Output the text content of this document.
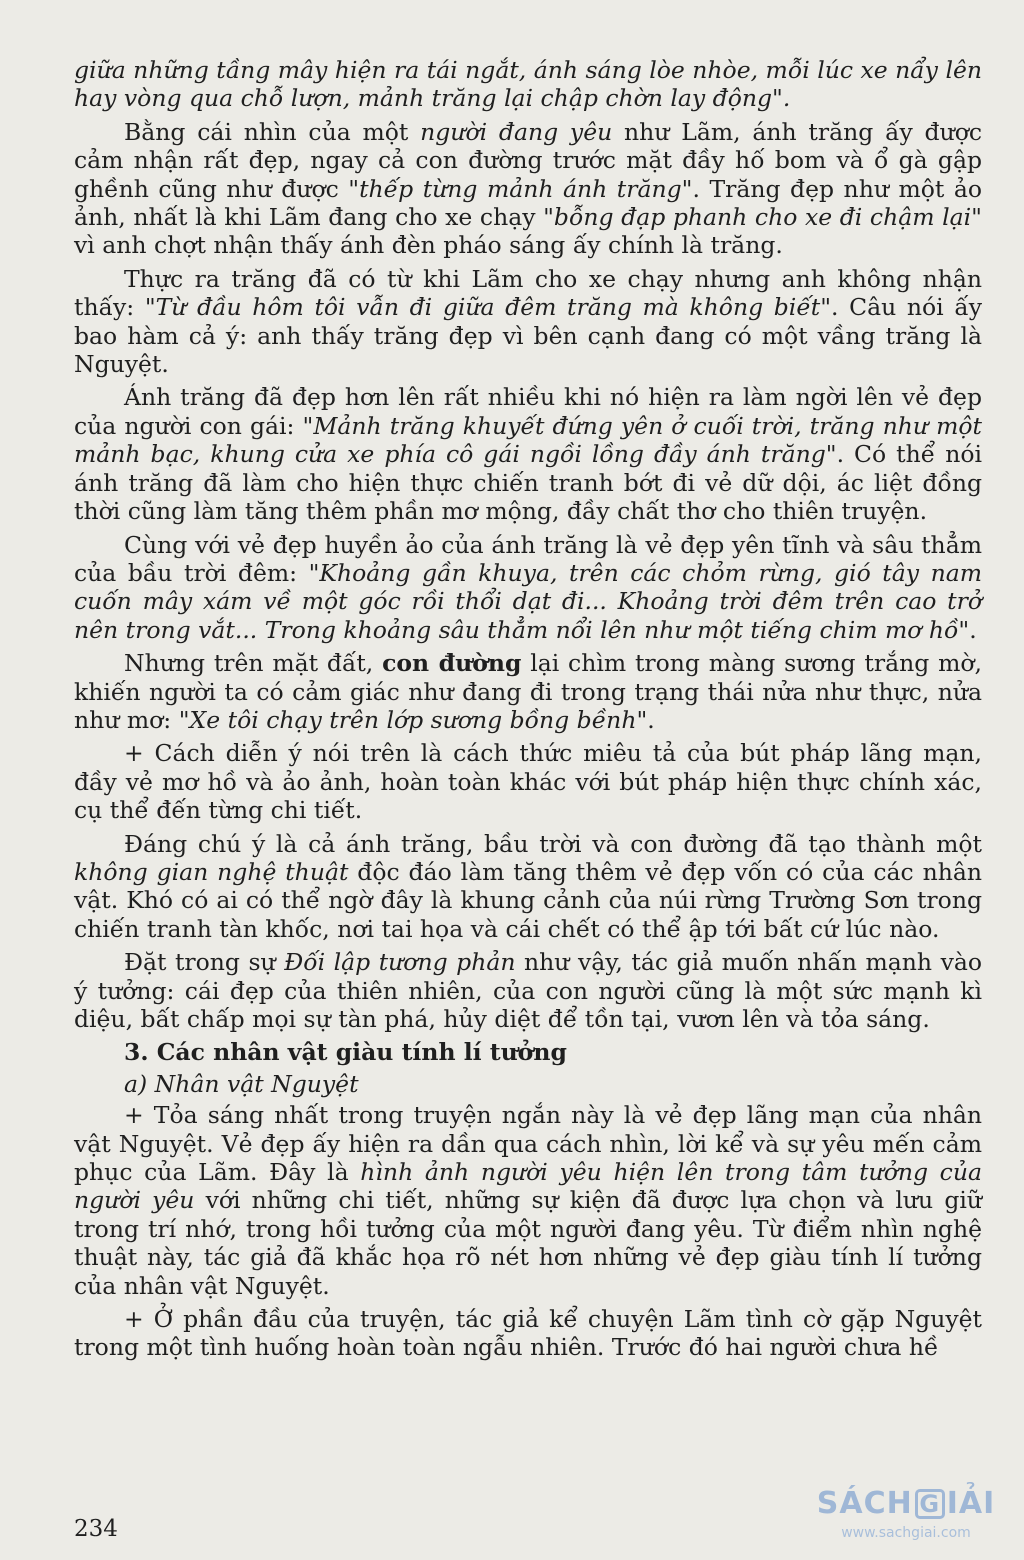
giữa những tầng mây hiện ra tái ngắt, ánh sáng lòe nhòe, mỗi lúc xe nẩy lên hay vòng qua chỗ lượn, mảnh trăng lại chập chờn lay động".

Bằng cái nhìn của một người đang yêu như Lãm, ánh trăng ấy được cảm nhận rất đẹp, ngay cả con đường trước mặt đầy hố bom và ổ gà gập ghềnh cũng như được "thếp từng mảnh ánh trăng". Trăng đẹp như một ảo ảnh, nhất là khi Lãm đang cho xe chạy "bỗng đạp phanh cho xe đi chậm lại" vì anh chợt nhận thấy ánh đèn pháo sáng ấy chính là trăng.

Thực ra trăng đã có từ khi Lãm cho xe chạy nhưng anh không nhận thấy: "Từ đầu hôm tôi vẫn đi giữa đêm trăng mà không biết". Câu nói ấy bao hàm cả ý: anh thấy trăng đẹp vì bên cạnh đang có một vầng trăng là Nguyệt.

Ánh trăng đã đẹp hơn lên rất nhiều khi nó hiện ra làm ngời lên vẻ đẹp của người con gái: "Mảnh trăng khuyết đứng yên ở cuối trời, trăng như một mảnh bạc, khung cửa xe phía cô gái ngồi lồng đầy ánh trăng". Có thể nói ánh trăng đã làm cho hiện thực chiến tranh bớt đi vẻ dữ dội, ác liệt đồng thời cũng làm tăng thêm phần mơ mộng, đầy chất thơ cho thiên truyện.

Cùng với vẻ đẹp huyền ảo của ánh trăng là vẻ đẹp yên tĩnh và sâu thẳm của bầu trời đêm: "Khoảng gần khuya, trên các chỏm rừng, gió tây nam cuốn mây xám về một góc rồi thổi dạt đi... Khoảng trời đêm trên cao trở nên trong vắt... Trong khoảng sâu thẳm nổi lên như một tiếng chim mơ hồ".

Nhưng trên mặt đất, con đường lại chìm trong màng sương trắng mờ, khiến người ta có cảm giác như đang đi trong trạng thái nửa như thực, nửa như mơ: "Xe tôi chạy trên lớp sương bồng bềnh".

+ Cách diễn ý nói trên là cách thức miêu tả của bút pháp lãng mạn, đầy vẻ mơ hồ và ảo ảnh, hoàn toàn khác với bút pháp hiện thực chính xác, cụ thể đến từng chi tiết.

Đáng chú ý là cả ánh trăng, bầu trời và con đường đã tạo thành một không gian nghệ thuật độc đáo làm tăng thêm vẻ đẹp vốn có của các nhân vật. Khó có ai có thể ngờ đây là khung cảnh của núi rừng Trường Sơn trong chiến tranh tàn khốc, nơi tai họa và cái chết có thể ập tới bất cứ lúc nào.

Đặt trong sự Đối lập tương phản như vậy, tác giả muốn nhấn mạnh vào ý tưởng: cái đẹp của thiên nhiên, của con người cũng là một sức mạnh kì diệu, bất chấp mọi sự tàn phá, hủy diệt để tồn tại, vươn lên và tỏa sáng.

3. Các nhân vật giàu tính lí tưởng
a) Nhân vật Nguyệt

+ Tỏa sáng nhất trong truyện ngắn này là vẻ đẹp lãng mạn của nhân vật Nguyệt. Vẻ đẹp ấy hiện ra dần qua cách nhìn, lời kể và sự yêu mến cảm phục của Lãm. Đây là hình ảnh người yêu hiện lên trong tâm tưởng của người yêu với những chi tiết, những sự kiện đã được lựa chọn và lưu giữ trong trí nhớ, trong hồi tưởng của một người đang yêu. Từ điểm nhìn nghệ thuật này, tác giả đã khắc họa rõ nét hơn những vẻ đẹp giàu tính lí tưởng của nhân vật Nguyệt.

+ Ở phần đầu của truyện, tác giả kể chuyện Lãm tình cờ gặp Nguyệt trong một tình huống hoàn toàn ngẫu nhiên. Trước đó hai người chưa hề

234
SÁCH G IẢI
www.sachgiai.com
